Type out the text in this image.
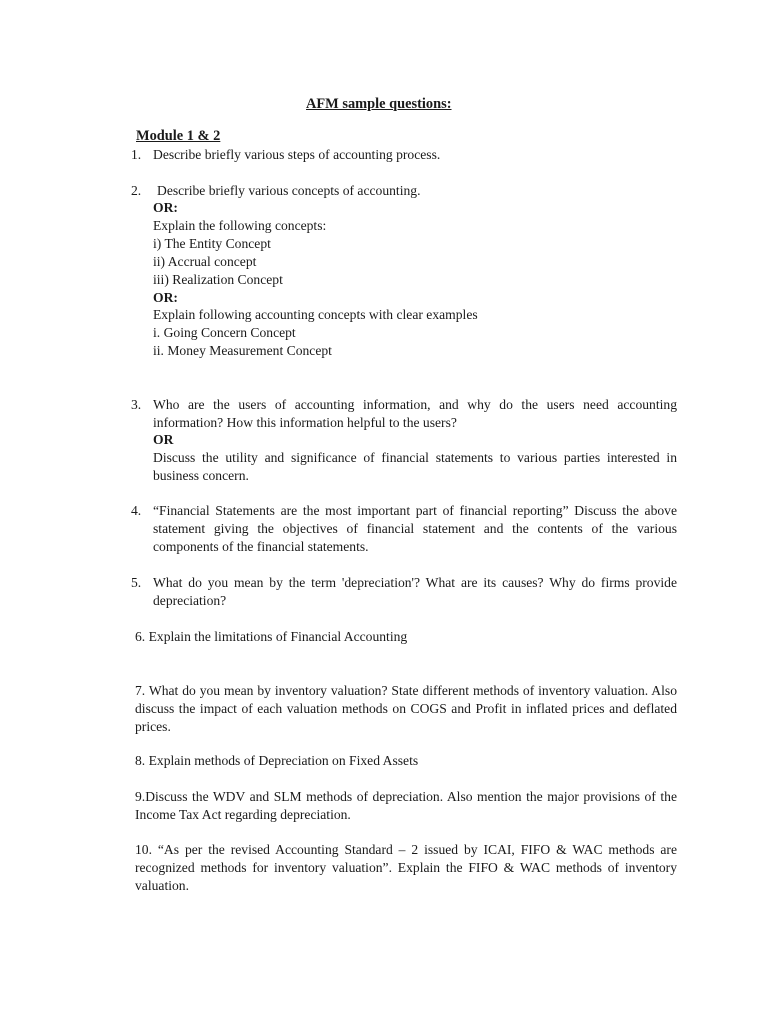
AFM sample questions:
Module 1 & 2
1. Describe briefly various steps of accounting process.
2. Describe briefly various concepts of accounting.
OR:
Explain the following concepts:
i) The Entity Concept
ii) Accrual concept
iii) Realization Concept
OR:
Explain following accounting concepts with clear examples
i. Going Concern Concept
ii. Money Measurement Concept
3. Who are the users of accounting information, and why do the users need accounting information? How this information helpful to the users?
OR
Discuss the utility and significance of financial statements to various parties interested in business concern.
4. “Financial Statements are the most important part of financial reporting” Discuss the above statement giving the objectives of financial statement and the contents of the various components of the financial statements.
5. What do you mean by the term 'depreciation'? What are its causes? Why do firms provide depreciation?
6. Explain the limitations of Financial Accounting
7. What do you mean by inventory valuation? State different methods of inventory valuation. Also discuss the impact of each valuation methods on COGS and Profit in inflated prices and deflated prices.
8. Explain methods of Depreciation on Fixed Assets
9.Discuss the WDV and SLM methods of depreciation. Also mention the major provisions of the Income Tax Act regarding depreciation.
10. “As per the revised Accounting Standard – 2 issued by ICAI, FIFO & WAC methods are recognized methods for inventory valuation”. Explain the FIFO & WAC methods of inventory valuation.
